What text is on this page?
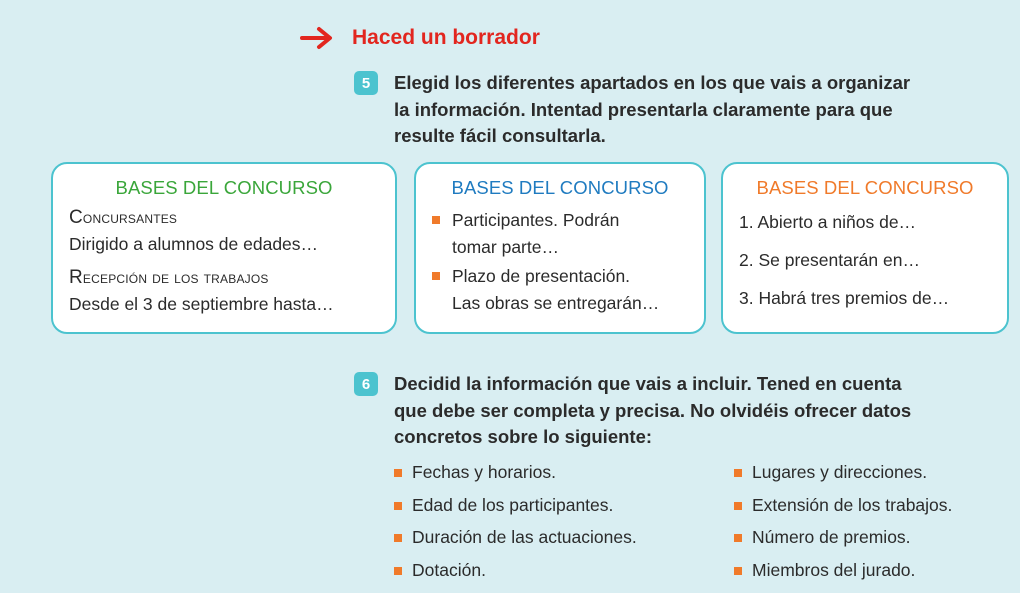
Haced un borrador
5	Elegid los diferentes apartados en los que vais a organizar
la información. Intentad presentarla claramente para que
resulte fácil consultarla.
BASES DEL CONCURSO
Concursantes
Dirigido a alumnos de edades…
Recepción de los trabajos
Desde el 3 de septiembre hasta…
BASES DEL CONCURSO
Participantes. Podrán
tomar parte…
Plazo de presentación.
Las obras se entregarán…
BASES DEL CONCURSO
1. Abierto a niños de…
2. Se presentarán en…
3. Habrá tres premios de…
6	Decidid la información que vais a incluir. Tened en cuenta
que debe ser completa y precisa. No olvidéis ofrecer datos
concretos sobre lo siguiente:
Fechas y horarios.	Lugares y direcciones.
Edad de los participantes.	Extensión de los trabajos.
Duración de las actuaciones.	Número de premios.
Dotación.	Miembros del jurado.
